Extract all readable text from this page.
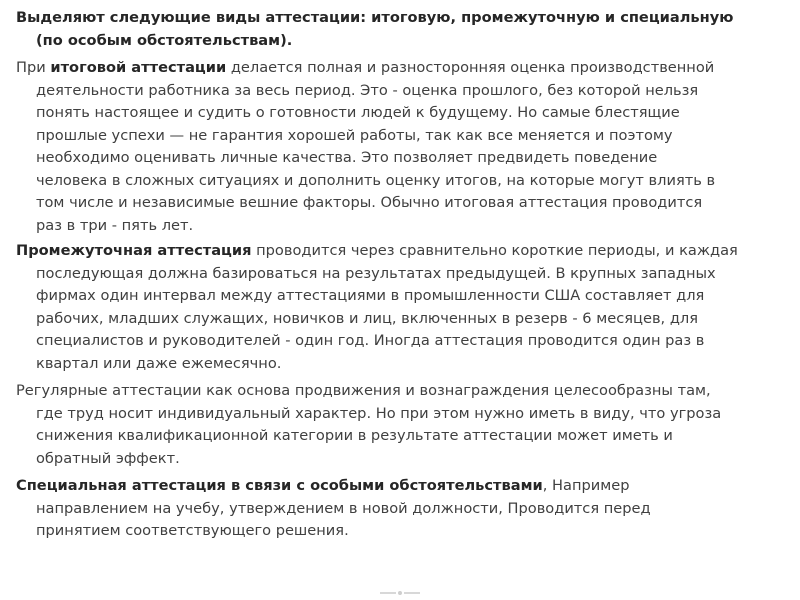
Выделяют следующие виды аттестации: итоговую, промежуточную и специальную
(по особым обстоятельствам).

При итоговой аттестации делается полная и разносторонняя оценка производственной
деятельности работника за весь период. Это - оценка прошлого, без которой нельзя
понять настоящее и судить о готовности людей к будущему. Но самые блестящие
прошлые успехи — не гарантия хорошей работы, так как все меняется и поэтому
необходимо оценивать личные качества. Это позволяет предвидеть поведение
человека в сложных ситуациях и дополнить оценку итогов, на которые могут влиять в
том числе и независимые вешние факторы. Обычно итоговая аттестация проводится
раз в три - пять лет.

Промежуточная аттестация проводится через сравнительно короткие периоды, и каждая
последующая должна базироваться на результатах предыдущей. В крупных западных
фирмах один интервал между аттестациями в промышленности США составляет для
рабочих, младших служащих, новичков и лиц, включенных в резерв - 6 месяцев, для
специалистов и руководителей - один год. Иногда аттестация проводится один раз в
квартал или даже ежемесячно.

Регулярные аттестации как основа продвижения и вознаграждения целесообразны там,
где труд носит индивидуальный характер. Но при этом нужно иметь в виду, что угроза
снижения квалификационной категории в результате аттестации может иметь и
обратный эффект.

Специальная аттестация в связи с особыми обстоятельствами, Например
направлением на учебу, утверждением в новой должности, Проводится перед
принятием соответствующего решения.
